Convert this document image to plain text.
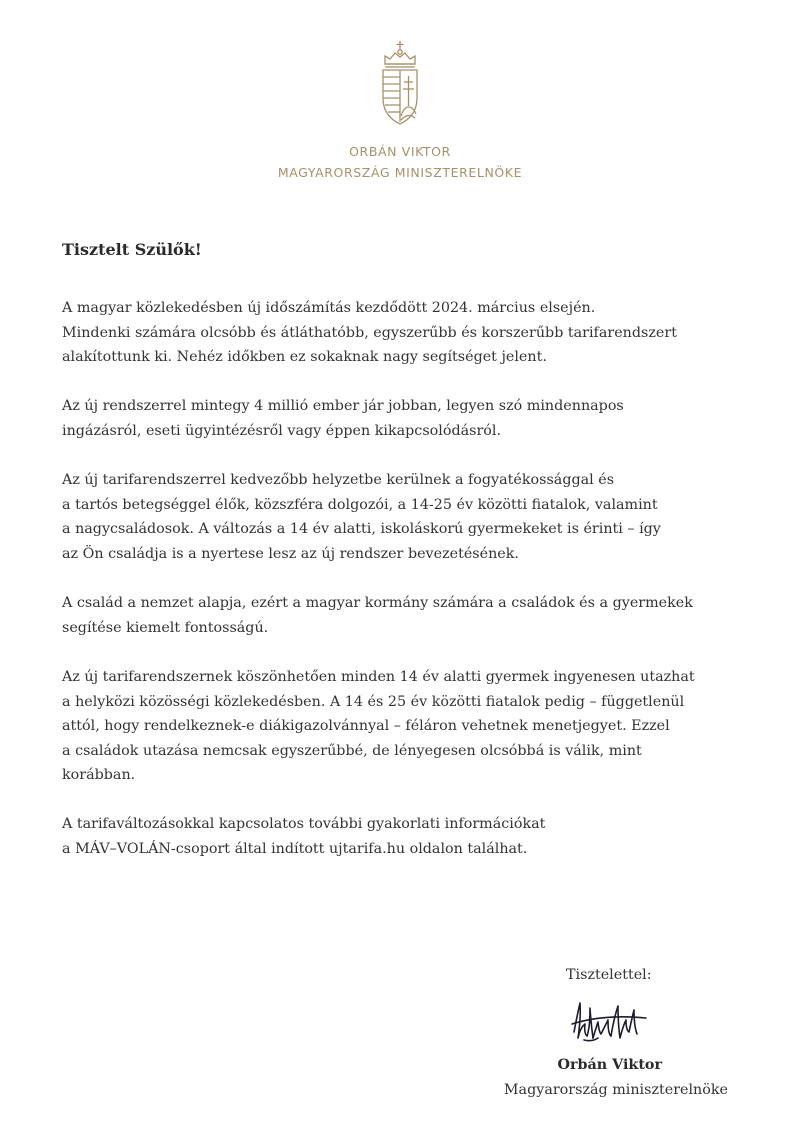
ORBÁN VIKTOR
MAGYARORSZÁG MINISZTERELNÖKE
Tisztelt Szülők!

A magyar közlekedésben új időszámítás kezdődött 2024. március elsején.
Mindenki számára olcsóbb és átláthatóbb, egyszerűbb és korszerűbb tarifarendszert
alakítottunk ki. Nehéz időkben ez sokaknak nagy segítséget jelent.

Az új rendszerrel mintegy 4 millió ember jár jobban, legyen szó mindennapos
ingázásról, eseti ügyintézésről vagy éppen kikapcsolódásról.

Az új tarifarendszerrel kedvezőbb helyzetbe kerülnek a fogyatékossággal és
a tartós betegséggel élők, közszféra dolgozói, a 14-25 év közötti fiatalok, valamint
a nagycsaládosok. A változás a 14 év alatti, iskoláskorú gyermekeket is érinti – így
az Ön családja is a nyertese lesz az új rendszer bevezetésének.

A család a nemzet alapja, ezért a magyar kormány számára a családok és a gyermekek
segítése kiemelt fontosságú.

Az új tarifarendszernek köszönhetően minden 14 év alatti gyermek ingyenesen utazhat
a helyközi közösségi közlekedésben. A 14 és 25 év közötti fiatalok pedig – függetlenül
attól, hogy rendelkeznek-e diákigazolvánnyal – féláron vehetnek menetjegyet. Ezzel
a családok utazása nemcsak egyszerűbbé, de lényegesen olcsóbbá is válik, mint
korábban.

A tarifaváltozásokkal kapcsolatos további gyakorlati információkat
a MÁV–VOLÁN-csoport által indított ujtarifa.hu oldalon találhat.

Tisztelettel:
Orbán Viktor
Magyarország miniszterelnöke
